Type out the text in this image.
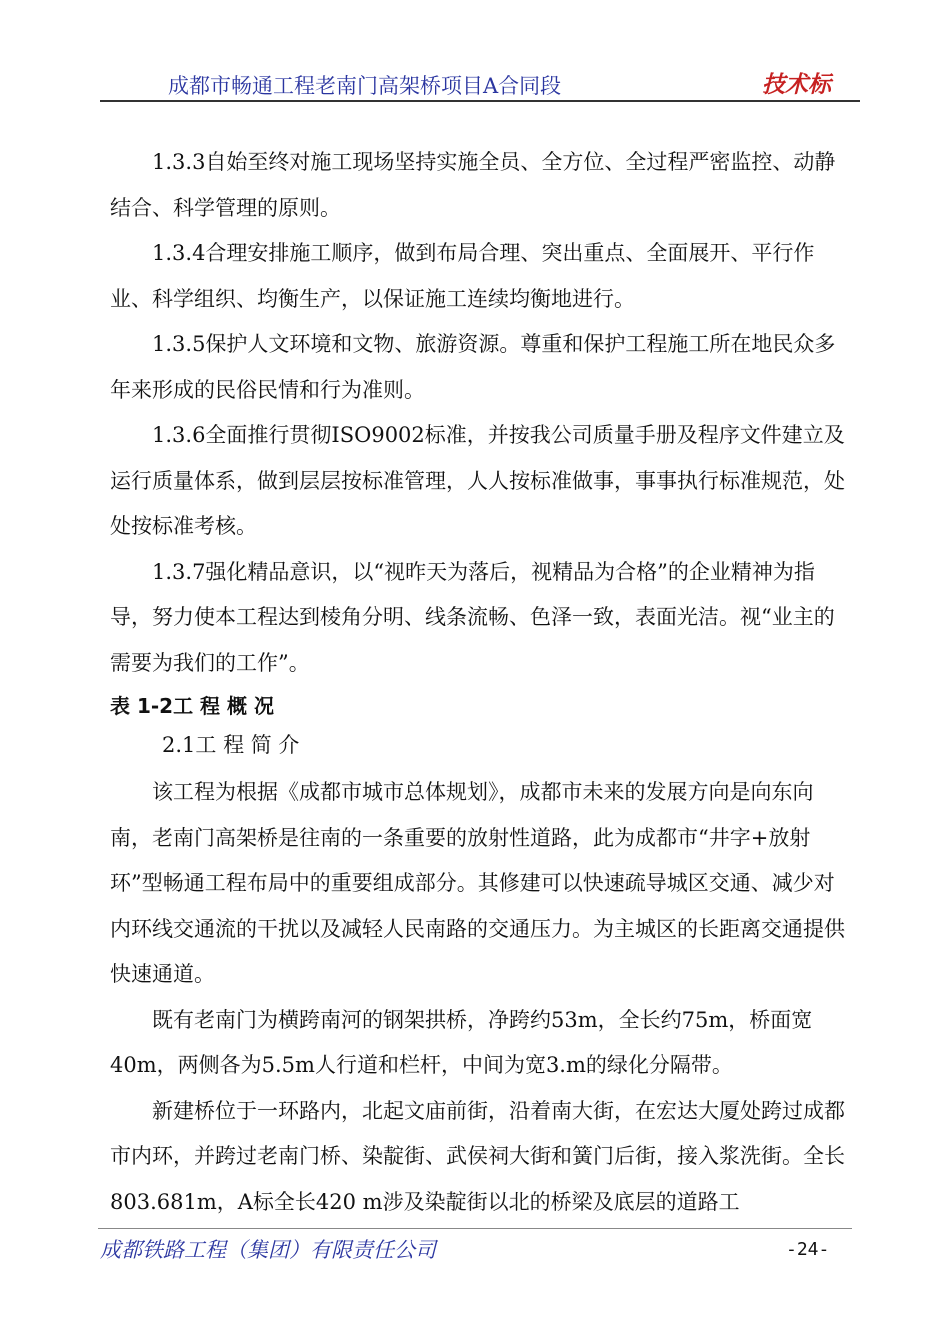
成都市畅通工程老南门高架桥项目A合同段	技术标

1.3.3自始至终对施工现场坚持实施全员、全方位、全过程严密监控、动静结合、科学管理的原则。

1.3.4合理安排施工顺序，做到布局合理、突出重点、全面展开、平行作业、科学组织、均衡生产，以保证施工连续均衡地进行。

1.3.5保护人文环境和文物、旅游资源。尊重和保护工程施工所在地民众多年来形成的民俗民情和行为准则。

1.3.6全面推行贯彻ISO9002标准，并按我公司质量手册及程序文件建立及运行质量体系，做到层层按标准管理，人人按标准做事，事事执行标准规范，处处按标准考核。

1.3.7强化精品意识，以“视昨天为落后，视精品为合格”的企业精神为指导，努力使本工程达到棱角分明、线条流畅、色泽一致，表面光洁。视“业主的需要为我们的工作”。

表 1-2工 程 概 况

2.1工 程 简 介

该工程为根据《成都市城市总体规划》，成都市未来的发展方向是向东向南，老南门高架桥是往南的一条重要的放射性道路，此为成都市“井字+放射环”型畅通工程布局中的重要组成部分。其修建可以快速疏导城区交通、减少对内环线交通流的干扰以及减轻人民南路的交通压力。为主城区的长距离交通提供快速通道。

既有老南门为横跨南河的钢架拱桥，净跨约53m，全长约75m，桥面宽40m，两侧各为5.5m人行道和栏杆，中间为宽3.m的绿化分隔带。

新建桥位于一环路内，北起文庙前街，沿着南大街，在宏达大厦处跨过成都市内环，并跨过老南门桥、染靛街、武侯祠大街和簧门后街，接入浆洗街。全长803.681m，A标全长420 m涉及染靛街以北的桥梁及底层的道路工

成都铁路工程（集团）有限责任公司	-24-
